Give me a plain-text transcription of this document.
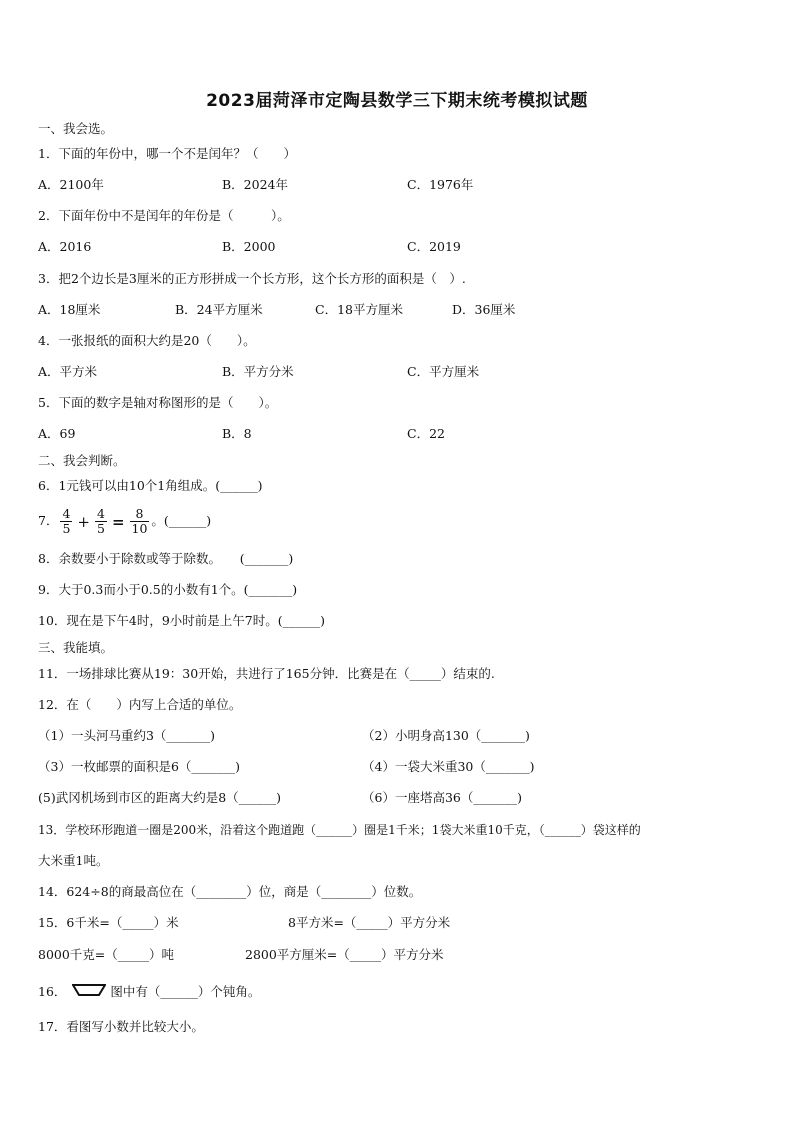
2023届菏泽市定陶县数学三下期末统考模拟试题
一、我会选。
1．下面的年份中，哪一个不是闰年？（　　）
A．2100年	B．2024年	C．1976年
2．下面年份中不是闰年的年份是（　　　）。
A．2016	B．2000	C．2019
3．把2个边长是3厘米的正方形拼成一个长方形，这个长方形的面积是（　）.
A．18厘米	B．24平方厘米	C．18平方厘米	D．36厘米
4．一张报纸的面积大约是20（　　）。
A．平方米	B．平方分米	C．平方厘米
5．下面的数字是轴对称图形的是（　　）。
A．69	B．8	C．22
二、我会判断。
6．1元钱可以由10个1角组成。(______)
7． $\frac{4}{5} + \frac{4}{5} = \frac{8}{10}$ 。(______)
8．余数要小于除数或等于除数。　　(_______)
9．大于0.3而小于0.5的小数有1个。(_______)
10．现在是下午4时，9小时前是上午7时。(______)
三、我能填。
11．一场排球比赛从19：30开始，共进行了165分钟．比赛是在（_____）结束的.
12．在（　　）内写上合适的单位。
（1）一头河马重约3（_______)	（2）小明身高130（_______)
（3）一枚邮票的面积是6（_______)	（4）一袋大米重30（_______)
(5)武冈机场到市区的距离大约是8（______)	（6）一座塔高36（_______)
13．学校环形跑道一圈是200米，沿着这个跑道跑（______）圈是1千米；1袋大米重10千克，（______）袋这样的
大米重1吨。
14．624÷8的商最高位在（________）位，商是（________）位数。
15．6千米=（_____）米	8平方米=（_____）平方分米
8000千克=（_____）吨	2800平方厘米=（_____）平方分米
16．	图中有（______）个钝角。
17．看图写小数并比较大小。
